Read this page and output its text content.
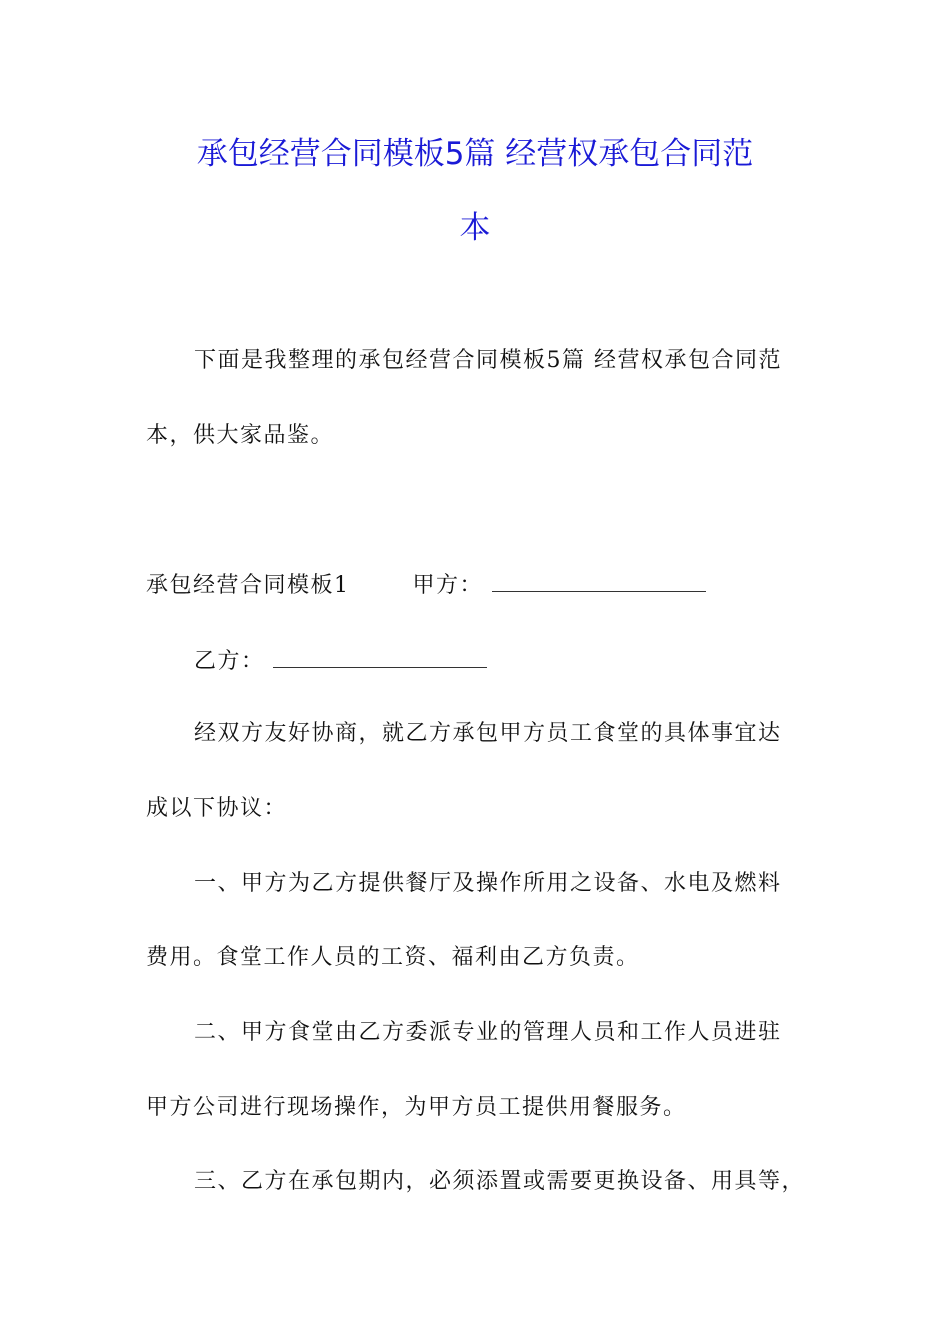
承包经营合同模板5篇 经营权承包合同范
本
下面是我整理的承包经营合同模板5篇 经营权承包合同范
本，供大家品鉴。
承包经营合同模板1	甲方：
乙方：
经双方友好协商，就乙方承包甲方员工食堂的具体事宜达
成以下协议：
一、甲方为乙方提供餐厅及操作所用之设备、水电及燃料
费用。食堂工作人员的工资、福利由乙方负责。
二、甲方食堂由乙方委派专业的管理人员和工作人员进驻
甲方公司进行现场操作，为甲方员工提供用餐服务。
三、乙方在承包期内，必须添置或需要更换设备、用具等，
